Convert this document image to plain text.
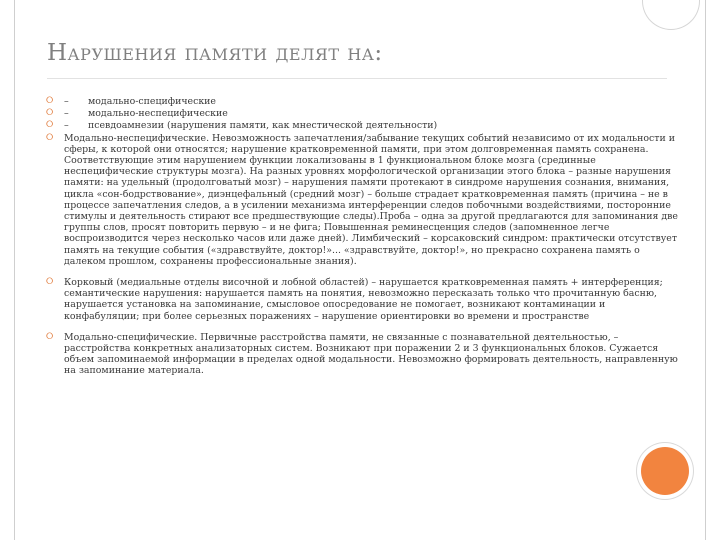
Нарушения памяти делят на:

⭘ – модально-специфические

⭘ – модально-неспецифические

⭘ – псевдоамнезии (нарушения памяти, как мнестической деятельности)

⭘ Модально-неспецифические. Невозможность запечатления/забывание текущих событий независимо от их модальности и сферы, к которой они относятся; нарушение кратковременной памяти, при этом долговременная память сохранена. Соответствующие этим нарушением функции локализованы в 1 функциональном блоке мозга (срединные неспецифические структуры мозга). На разных уровнях морфологической организации этого блока – разные нарушения памяти: на удельный (продолговатый мозг) – нарушения памяти протекают в синдроме нарушения сознания, внимания, цикла «сон-бодрствование», диэнцефальный (средний мозг) – больше страдает кратковременная память (причина – не в процессе запечатления следов, а в усилении механизма интерференции следов побочными воздействиями, посторонние стимулы и деятельность стирают все предшествующие следы).Проба – одна за другой предлагаются для запоминания две группы слов, просят повторить первую – и не фига; Повышенная реминесценция следов (запомненное легче воспроизводится через несколько часов или даже дней). Лимбический – корсаковский синдром: практически отсутствует память на текущие события («здравствуйте, доктор!»... «здравствуйте, доктор!», но прекрасно сохранена память о далеком прошлом, сохранены профессиональные знания).

⭘ Корковый (медиальные отделы височной и лобной областей) – нарушается кратковременная память + интерференция; семантические нарушения: нарушается память на понятия, невозможно пересказать только что прочитанную басню, нарушается установка на запоминание, смысловое опосредование не помогает, возникают контаминации и конфабуляции; при более серьезных поражениях – нарушение ориентировки во времени и пространстве

⭘ Модально-специфические. Первичные расстройства памяти, не связанные с познавательной деятельностью, – расстройства конкретных анализаторных систем. Возникают при поражении 2 и 3 функциональных блоков. Сужается объем запоминаемой информации в пределах одной модальности. Невозможно формировать деятельность, направленную на запоминание материала.
